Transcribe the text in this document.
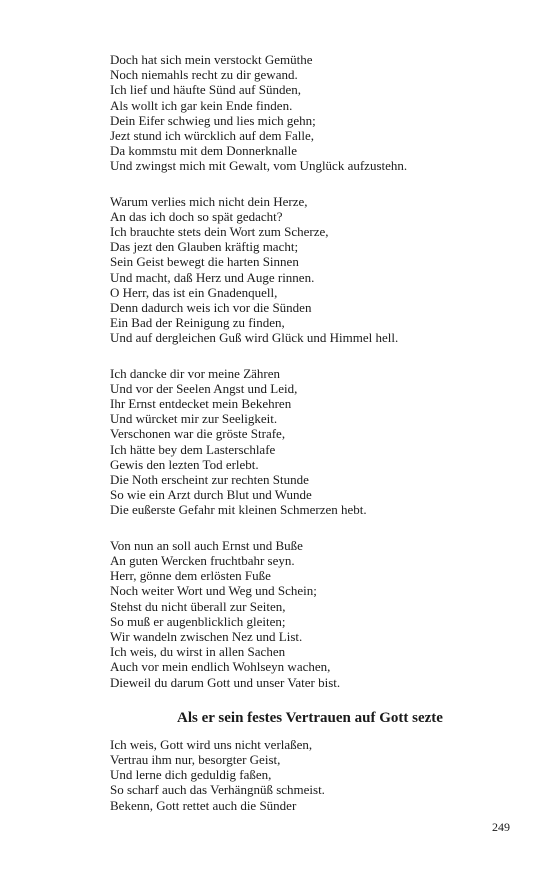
Doch hat sich mein verstockt Gemüthe
Noch niemahls recht zu dir gewand.
Ich lief und häufte Sünd auf Sünden,
Als wollt ich gar kein Ende finden.
Dein Eifer schwieg und lies mich gehn;
Jezt stund ich würcklich auf dem Falle,
Da kommstu mit dem Donnerknalle
Und zwingst mich mit Gewalt, vom Unglück aufzustehn.
Warum verlies mich nicht dein Herze,
An das ich doch so spät gedacht?
Ich brauchte stets dein Wort zum Scherze,
Das jezt den Glauben kräftig macht;
Sein Geist bewegt die harten Sinnen
Und macht, daß Herz und Auge rinnen.
O Herr, das ist ein Gnadenquell,
Denn dadurch weis ich vor die Sünden
Ein Bad der Reinigung zu finden,
Und auf dergleichen Guß wird Glück und Himmel hell.
Ich dancke dir vor meine Zähren
Und vor der Seelen Angst und Leid,
Ihr Ernst entdecket mein Bekehren
Und würcket mir zur Seeligkeit.
Verschonen war die gröste Strafe,
Ich hätte bey dem Lasterschlafe
Gewis den lezten Tod erlebt.
Die Noth erscheint zur rechten Stunde
So wie ein Arzt durch Blut und Wunde
Die eußerste Gefahr mit kleinen Schmerzen hebt.
Von nun an soll auch Ernst und Buße
An guten Wercken fruchtbahr seyn.
Herr, gönne dem erlösten Fuße
Noch weiter Wort und Weg und Schein;
Stehst du nicht überall zur Seiten,
So muß er augenblicklich gleiten;
Wir wandeln zwischen Nez und List.
Ich weis, du wirst in allen Sachen
Auch vor mein endlich Wohlseyn wachen,
Dieweil du darum Gott und unser Vater bist.
Als er sein festes Vertrauen auf Gott sezte
Ich weis, Gott wird uns nicht verlaßen,
Vertrau ihm nur, besorgter Geist,
Und lerne dich geduldig faßen,
So scharf auch das Verhängnüß schmeist.
Bekenn, Gott rettet auch die Sünder
249
